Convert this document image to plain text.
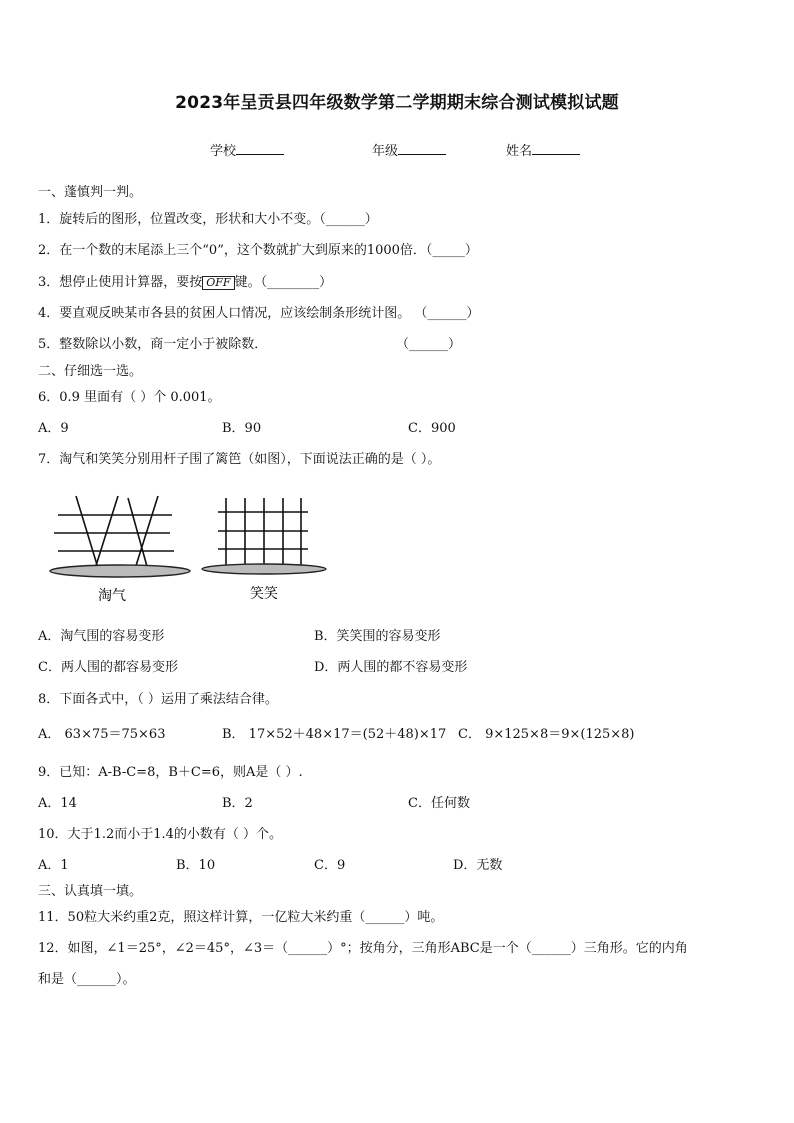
2023年呈贡县四年级数学第二学期期末综合测试模拟试题
学校	年级	姓名
一、蓬慎判一判。
1．旋转后的图形，位置改变，形状和大小不变。（______）
2．在一个数的末尾添上三个“0”，这个数就扩大到原来的1000倍．（_____）
3．想停止使用计算器，要按 OFF 键。（________）
4．要直观反映某市各县的贫困人口情况，应该绘制条形统计图。 （______）
5．整数除以小数，商一定小于被除数．	（______）
二、仔细选一选。
6．0.9 里面有（ ）个 0.001。
A．9	B．90	C．900
7．淘气和笑笑分别用杆子围了篱笆（如图），下面说法正确的是（ ）。
淘气	笑笑
A．淘气围的容易变形	B．笑笑围的容易变形
C．两人围的都容易变形	D．两人围的都不容易变形
8．下面各式中，（ ）运用了乘法结合律。
A． 63×75＝75×63	B． 17×52＋48×17＝(52＋48)×17 C． 9×125×8＝9×(125×8)
9．已知：A-B-C=8，B＋C=6，则A是（ ）.
A．14	B．2	C．任何数
10．大于1.2而小于1.4的小数有（ ）个。
A．1	B．10	C．9	D．无数
三、认真填一填。
11．50粒大米约重2克，照这样计算，一亿粒大米约重（______）吨。
12．如图，∠1＝25°，∠2＝45°，∠3＝（______）°；按角分，三角形ABC是一个（______）三角形。它的内角
和是（______）。
